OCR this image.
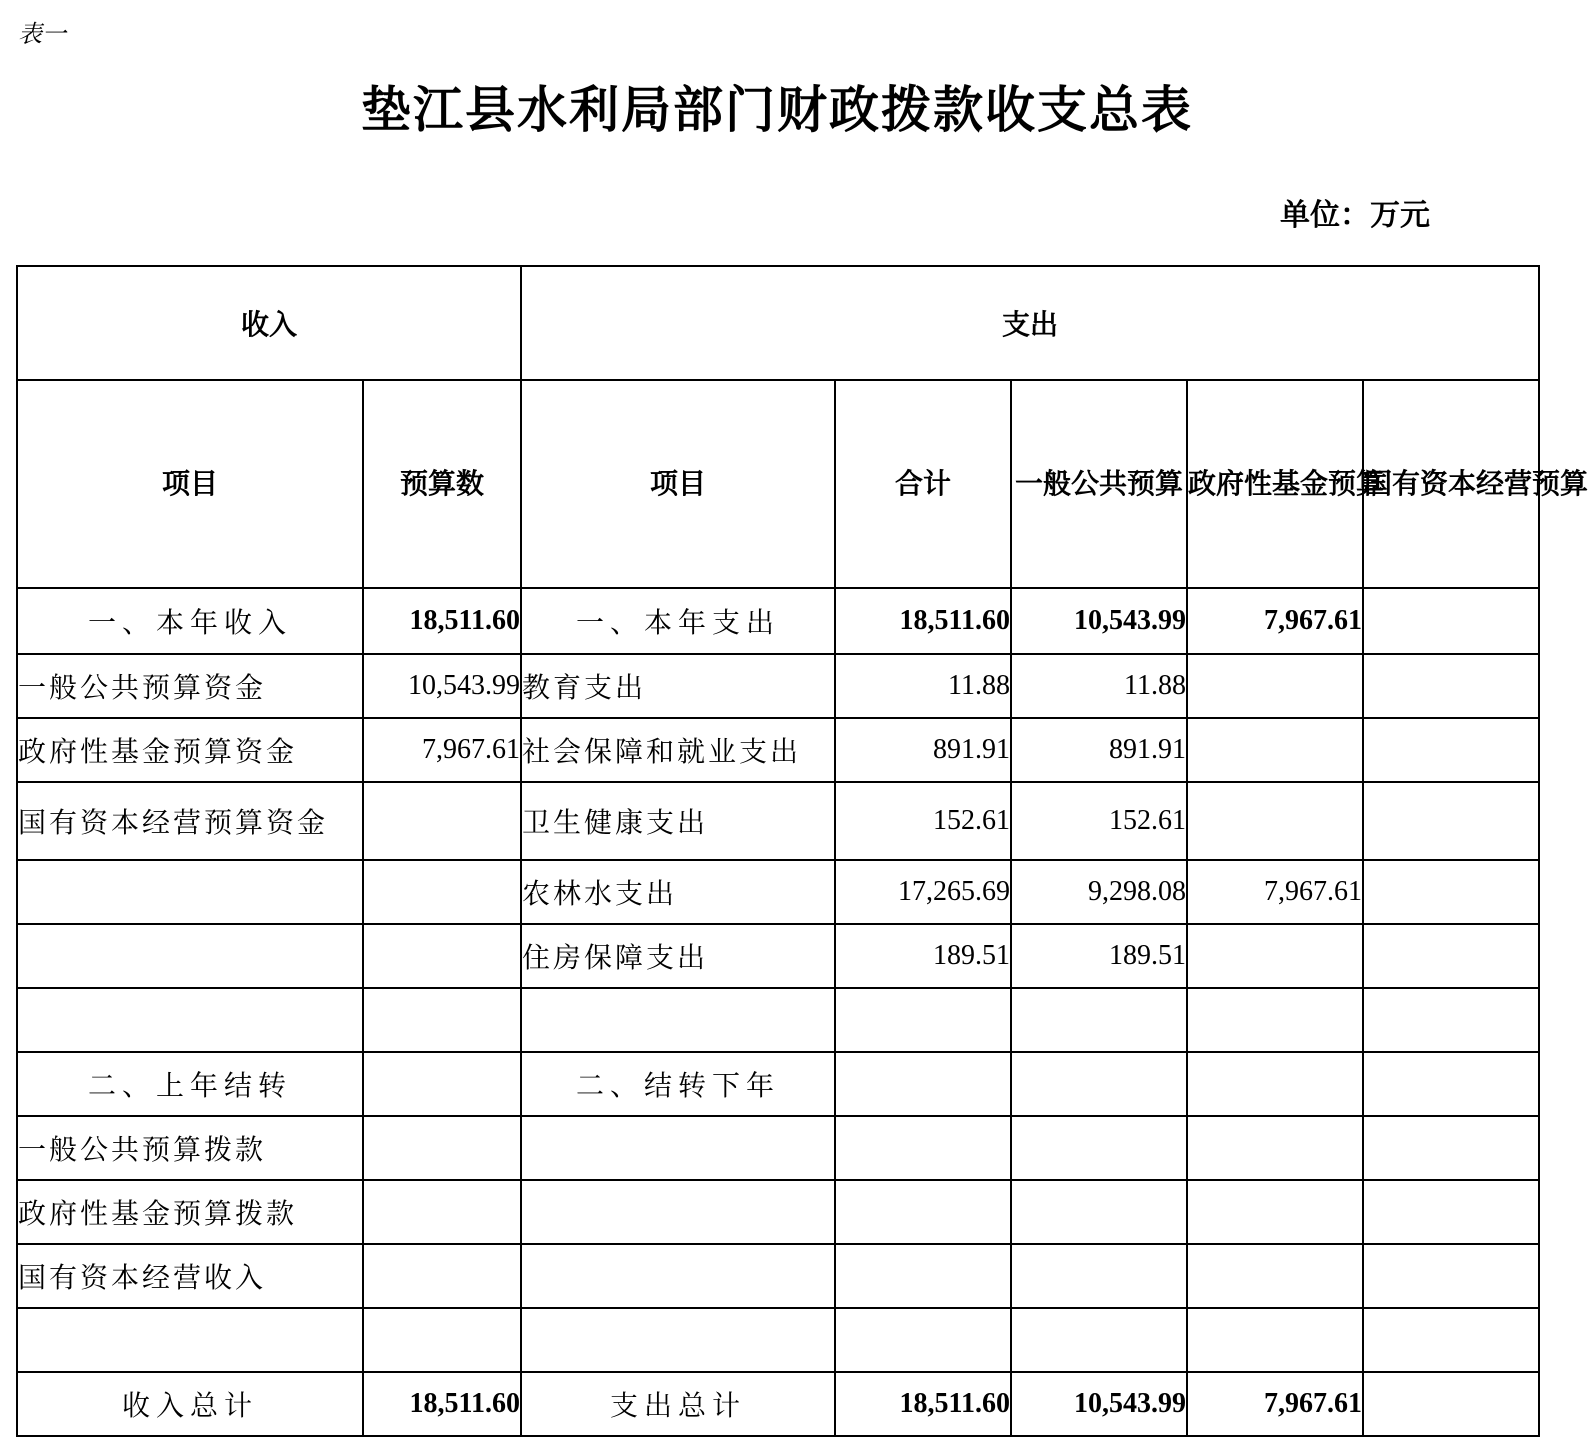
表一
垫江县水利局部门财政拨款收支总表
单位：万元
收入		支出				
项目	预算数	项目	合计	一般公共预算	政府性基金预算	国有资本经营预算
一、本年收入	18,511.60	一、本年支出	18,511.60	10,543.99	7,967.61	
一般公共预算资金	10,543.99	教育支出	11.88	11.88		
政府性基金预算资金	7,967.61	社会保障和就业支出	891.91	891.91		
国有资本经营预算资金		卫生健康支出	152.61	152.61		
		农林水支出	17,265.69	9,298.08	7,967.61	
		住房保障支出	189.51	189.51		

二、上年结转		二、结转下年				
一般公共预算拨款						
政府性基金预算拨款						
国有资本经营收入						

收入总计	18,511.60	支出总计	18,511.60	10,543.99	7,967.61	
